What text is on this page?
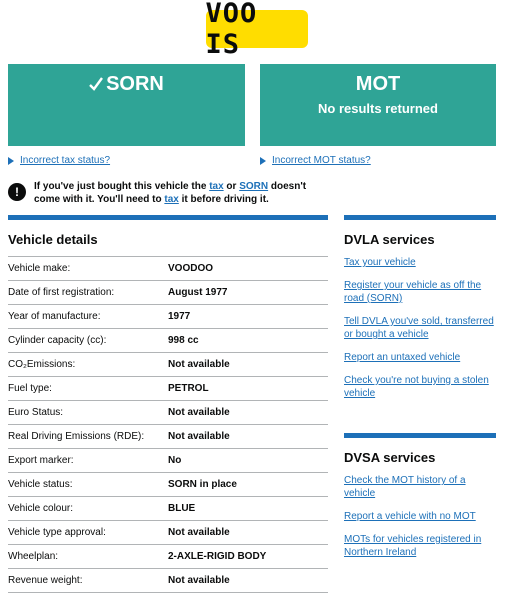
VOO IS
SORN	MOT
No results returned
Incorrect tax status?	Incorrect MOT status?
!	If you've just bought this vehicle the tax or SORN doesn't come with it. You'll need to tax it before driving it.
Vehicle details
Vehicle make:	VOODOO
Date of first registration:	August 1977
Year of manufacture:	1977
Cylinder capacity (cc):	998 cc
CO₂Emissions:	Not available
Fuel type:	PETROL
Euro Status:	Not available
Real Driving Emissions (RDE):	Not available
Export marker:	No
Vehicle status:	SORN in place
Vehicle colour:	BLUE
Vehicle type approval:	Not available
Wheelplan:	2-AXLE-RIGID BODY
Revenue weight:	Not available
DVLA services
Tax your vehicle
Register your vehicle as off the road (SORN)
Tell DVLA you've sold, transferred or bought a vehicle
Report an untaxed vehicle
Check you're not buying a stolen vehicle
DVSA services
Check the MOT history of a vehicle
Report a vehicle with no MOT
MOTs for vehicles registered in Northern Ireland
